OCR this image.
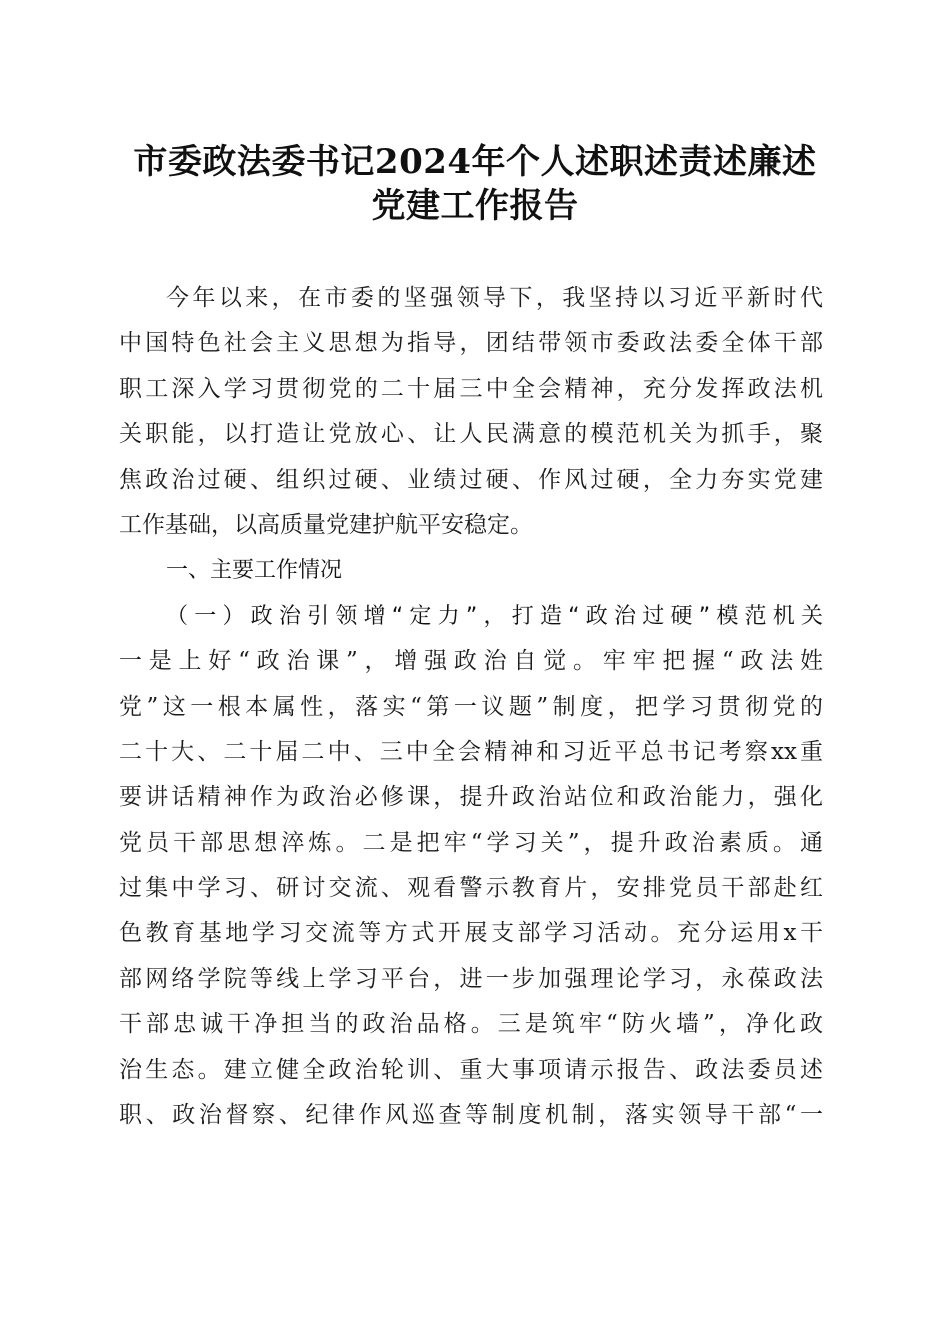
市委政法委书记2024年个人述职述责述廉述
党建工作报告
今年以来，在市委的坚强领导下，我坚持以习近平新时代
中国特色社会主义思想为指导，团结带领市委政法委全体干部
职工深入学习贯彻党的二十届三中全会精神，充分发挥政法机
关职能，以打造让党放心、让人民满意的模范机关为抓手，聚
焦政治过硬、组织过硬、业绩过硬、作风过硬，全力夯实党建
工作基础，以高质量党建护航平安稳定。
一、主要工作情况
（一）政治引领增“定力”，打造“政治过硬”模范机关
一是上好“政治课”，增强政治自觉。牢牢把握“政法姓
党”这一根本属性，落实“第一议题”制度，把学习贯彻党的
二十大、二十届二中、三中全会精神和习近平总书记考察xx重
要讲话精神作为政治必修课，提升政治站位和政治能力，强化
党员干部思想淬炼。二是把牢“学习关”，提升政治素质。通
过集中学习、研讨交流、观看警示教育片，安排党员干部赴红
色教育基地学习交流等方式开展支部学习活动。充分运用x干
部网络学院等线上学习平台，进一步加强理论学习，永葆政法
干部忠诚干净担当的政治品格。三是筑牢“防火墙”，净化政
治生态。建立健全政治轮训、重大事项请示报告、政法委员述
职、政治督察、纪律作风巡查等制度机制，落实领导干部“一
